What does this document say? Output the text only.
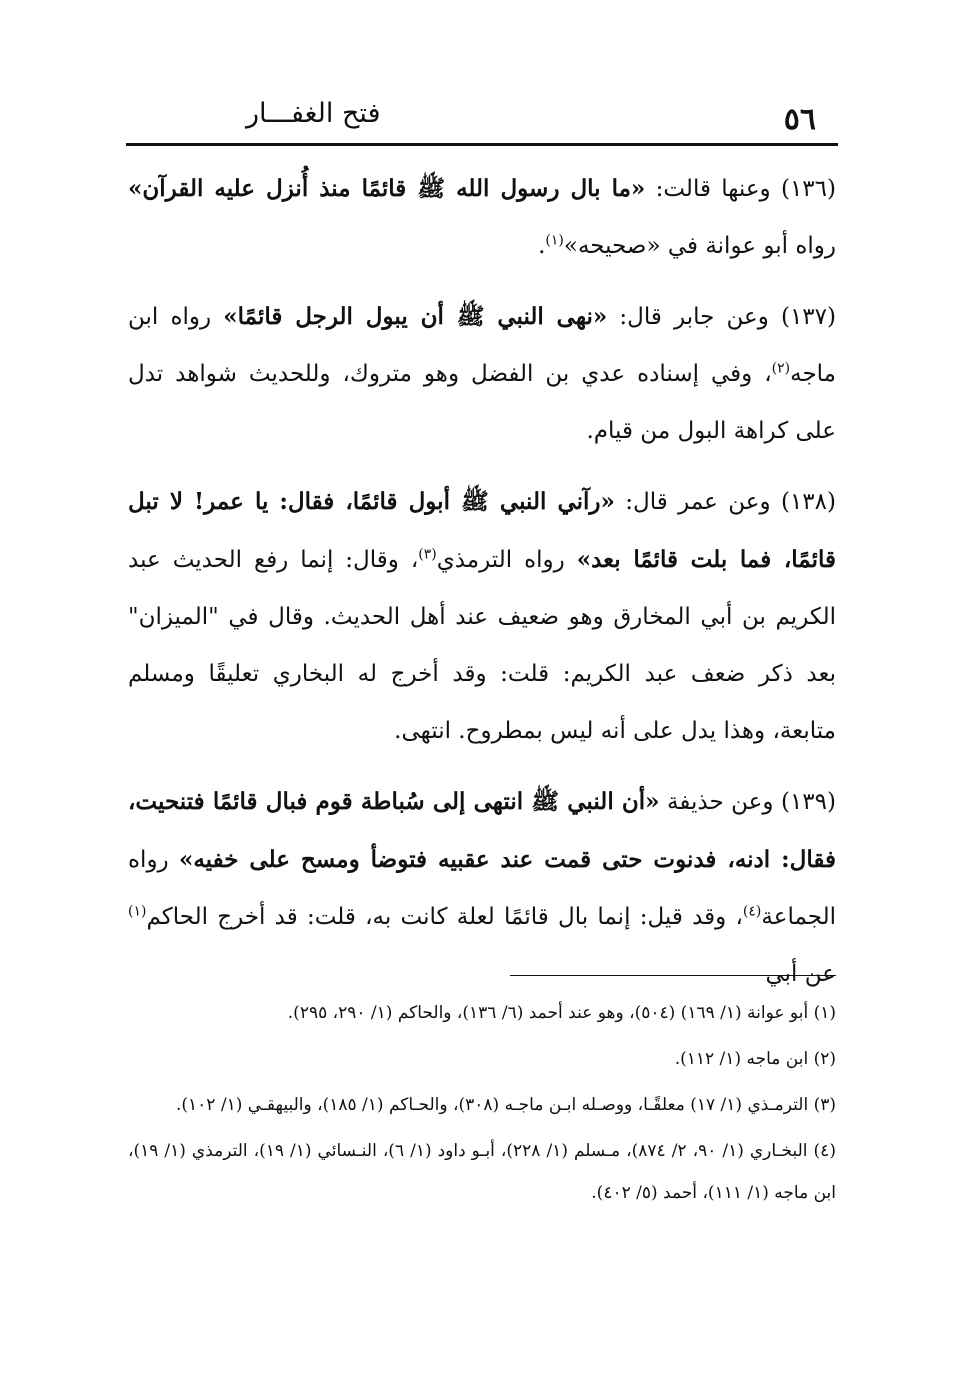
٥٦
فتح الغفـــار

(١٣٦) وعنها قالت: «ما بال رسول الله ﷺ قائمًا منذ أُنزل عليه القرآن» رواه أبو عوانة في «صحيحه»$^{(١)}$.

(١٣٧) وعن جابر قال: «نهى النبي ﷺ أن يبول الرجل قائمًا» رواه ابن ماجه$^{(٢)}$، وفي إسناده عدي بن الفضل وهو متروك، وللحديث شواهد تدل على كراهة البول من قيام.

(١٣٨) وعن عمر قال: «رآني النبي ﷺ أبول قائمًا، فقال: يا عمر! لا تبل قائمًا، فما بلت قائمًا بعد» رواه الترمذي$^{(٣)}$، وقال: إنما رفع الحديث عبد الكريم بن أبي المخارق وهو ضعيف عند أهل الحديث. وقال في "الميزان" بعد ذكر ضعف عبد الكريم: قلت: وقد أخرج له البخاري تعليقًا ومسلم متابعة، وهذا يدل على أنه ليس بمطروح. انتهى.

(١٣٩) وعن حذيفة «أن النبي ﷺ انتهى إلى سُباطة قوم فبال قائمًا فتنحيت، فقال: ادنه، فدنوت حتى قمت عند عقبيه فتوضأ ومسح على خفيه» رواه الجماعة$^{(٤)}$، وقد قيل: إنما بال قائمًا لعلة كانت به، قلت: قد أخرج الحاكم$^{(١)}$ عن أبي

(١) أبو عوانة (١/ ١٦٩) (٥٠٤)، وهو عند أحمد (٦/ ١٣٦)، والحاكم (١/ ٢٩٠، ٢٩٥).

(٢) ابن ماجه (١/ ١١٢).

(٣) الترمـذي (١/ ١٧) معلقًـا، ووصـله ابـن ماجـه (٣٠٨)، والحـاكم (١/ ١٨٥)، والبيهقـي (١/ ١٠٢).

(٤) البخـاري (١/ ٩٠، ٢/ ٨٧٤)، مـسلم (١/ ٢٢٨)، أبـو داود (١/ ٦)، النـسائي (١/ ١٩)، الترمذي (١/ ١٩)، ابن ماجه (١/ ١١١)، أحمد (٥/ ٤٠٢).
